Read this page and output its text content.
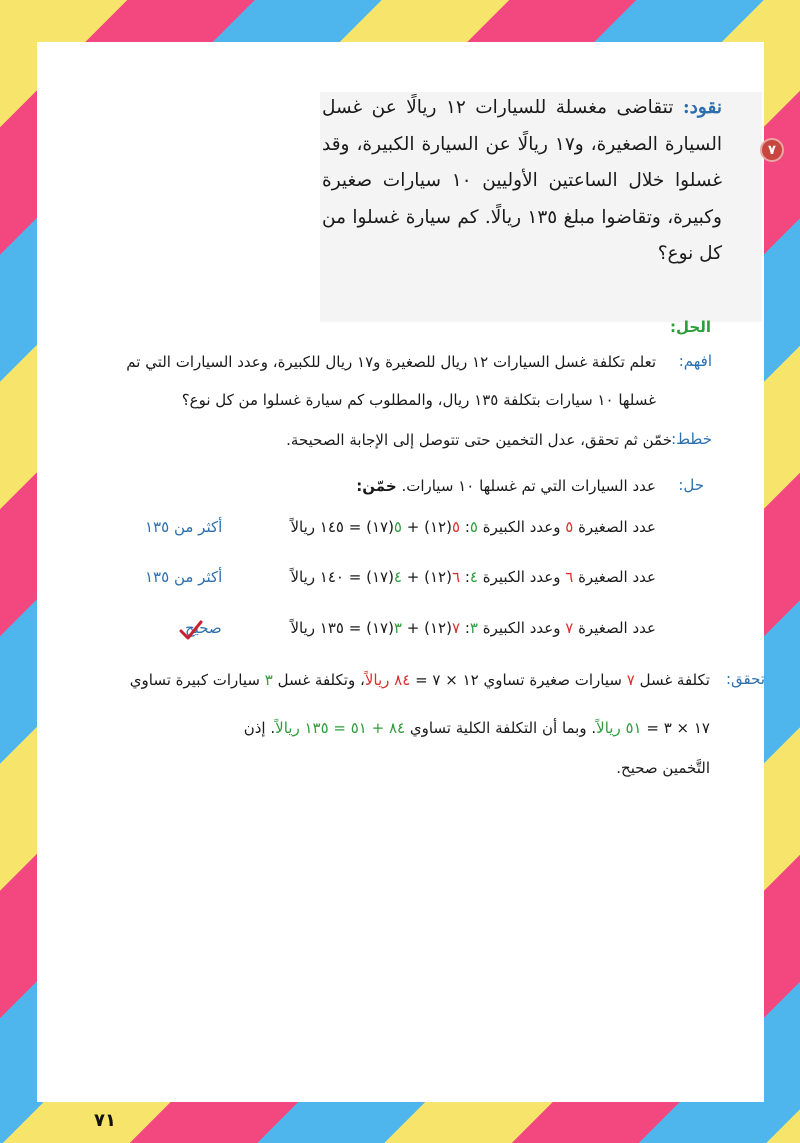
٧
نقود: تتقاضى مغسلة للسيارات ١٢ ريالًا عن غسل السيارة الصغيرة، و١٧ ريالًا عن السيارة الكبيرة، وقد غسلوا خلال الساعتين الأوليين ١٠ سيارات صغيرة وكبيرة، وتقاضوا مبلغ ١٣٥ ريالًا. كم سيارة غسلوا من كل نوع؟
الحل:
افهم:
تعلم تكلفة غسل السيارات ١٢ ريال للصغيرة و١٧ ريال للكبيرة، وعدد السيارات التي تم
غسلها ١٠ سيارات بتكلفة ١٣٥ ريال، والمطلوب كم سيارة غسلوا من كل نوع؟
خطط:
خمّن ثم تحقق، عدل التخمين حتى تتوصل إلى الإجابة الصحيحة.
حل:
عدد السيارات التي تم غسلها ١٠ سيارات. خمّن:
عدد الصغيرة ٥ وعدد الكبيرة ٥: ٥(١٢) + ٥(١٧) = ١٤٥ ريالاً
أكثر من ١٣٥
عدد الصغيرة ٦ وعدد الكبيرة ٤: ٦(١٢) + ٤(١٧) = ١٤٠ ريالاً
أكثر من ١٣٥
عدد الصغيرة ٧ وعدد الكبيرة ٣: ٧(١٢) + ٣(١٧) = ١٣٥ ريالاً
صحيح
تحقق:
تكلفة غسل ٧ سيارات صغيرة تساوي ١٢ × ٧ = ٨٤ ريالاً، وتكلفة غسل ٣ سيارات كبيرة تساوي
١٧ × ٣ = ٥١ ريالاً. وبما أن التكلفة الكلية تساوي ٨٤ + ٥١ = ١٣٥ ريالاً. إذن
التَّخمين صحيح.
٧١
